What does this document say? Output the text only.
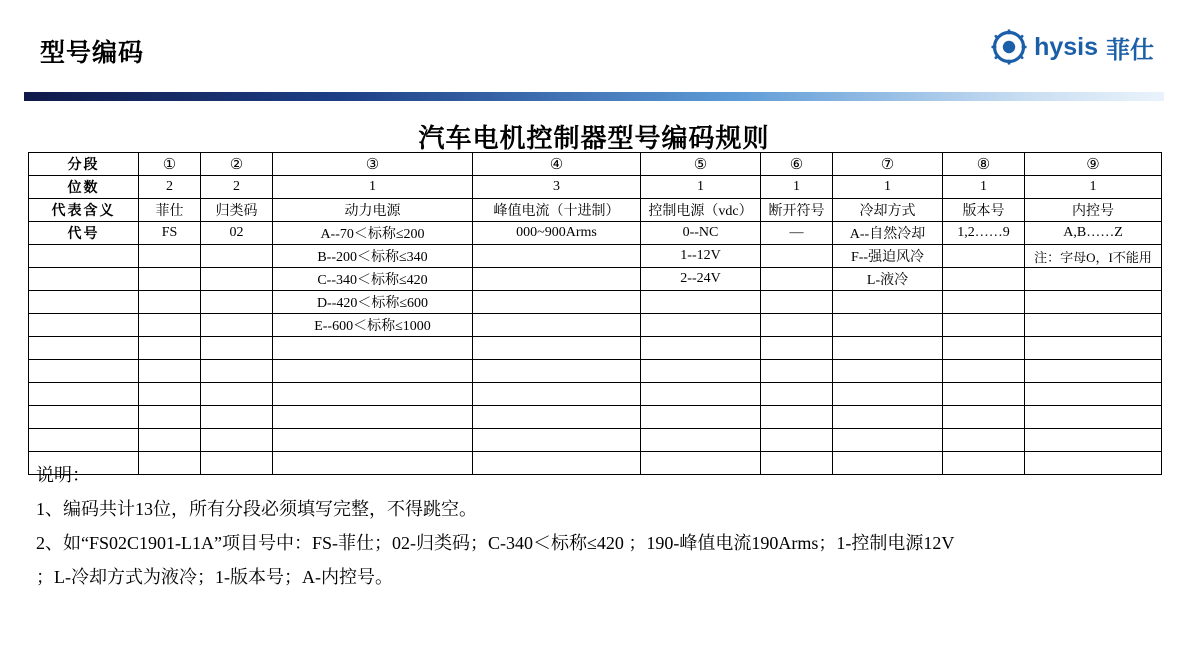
型号编码	hysis 菲仕
汽车电机控制器型号编码规则
分段	①	②	③	④	⑤	⑥	⑦	⑧	⑨
位数	2	2	1	3	1	1	1	1	1
代表含义	菲仕	归类码	动力电源	峰值电流（十进制）	控制电源（vdc）	断开符号	冷却方式	版本号	内控号
代号	FS	02	A--70＜标称≤200	000~900Arms	0--NC	—	A--自然冷却	1,2……9	A,B……Z
			B--200＜标称≤340		1--12V		F--强迫风冷		注：字母O，I不能用
			C--340＜标称≤420		2--24V		L-液冷		
			D--420＜标称≤600						
			E--600＜标称≤1000						

说明：

1、编码共计13位，所有分段必须填写完整，不得跳空。

2、如“FS02C1901-L1A”项目号中：FS-菲仕；02-归类码；C-340＜标称≤420 ；190-峰值电流190Arms；1-控制电源12V

；L-冷却方式为液冷；1-版本号；A-内控号。
